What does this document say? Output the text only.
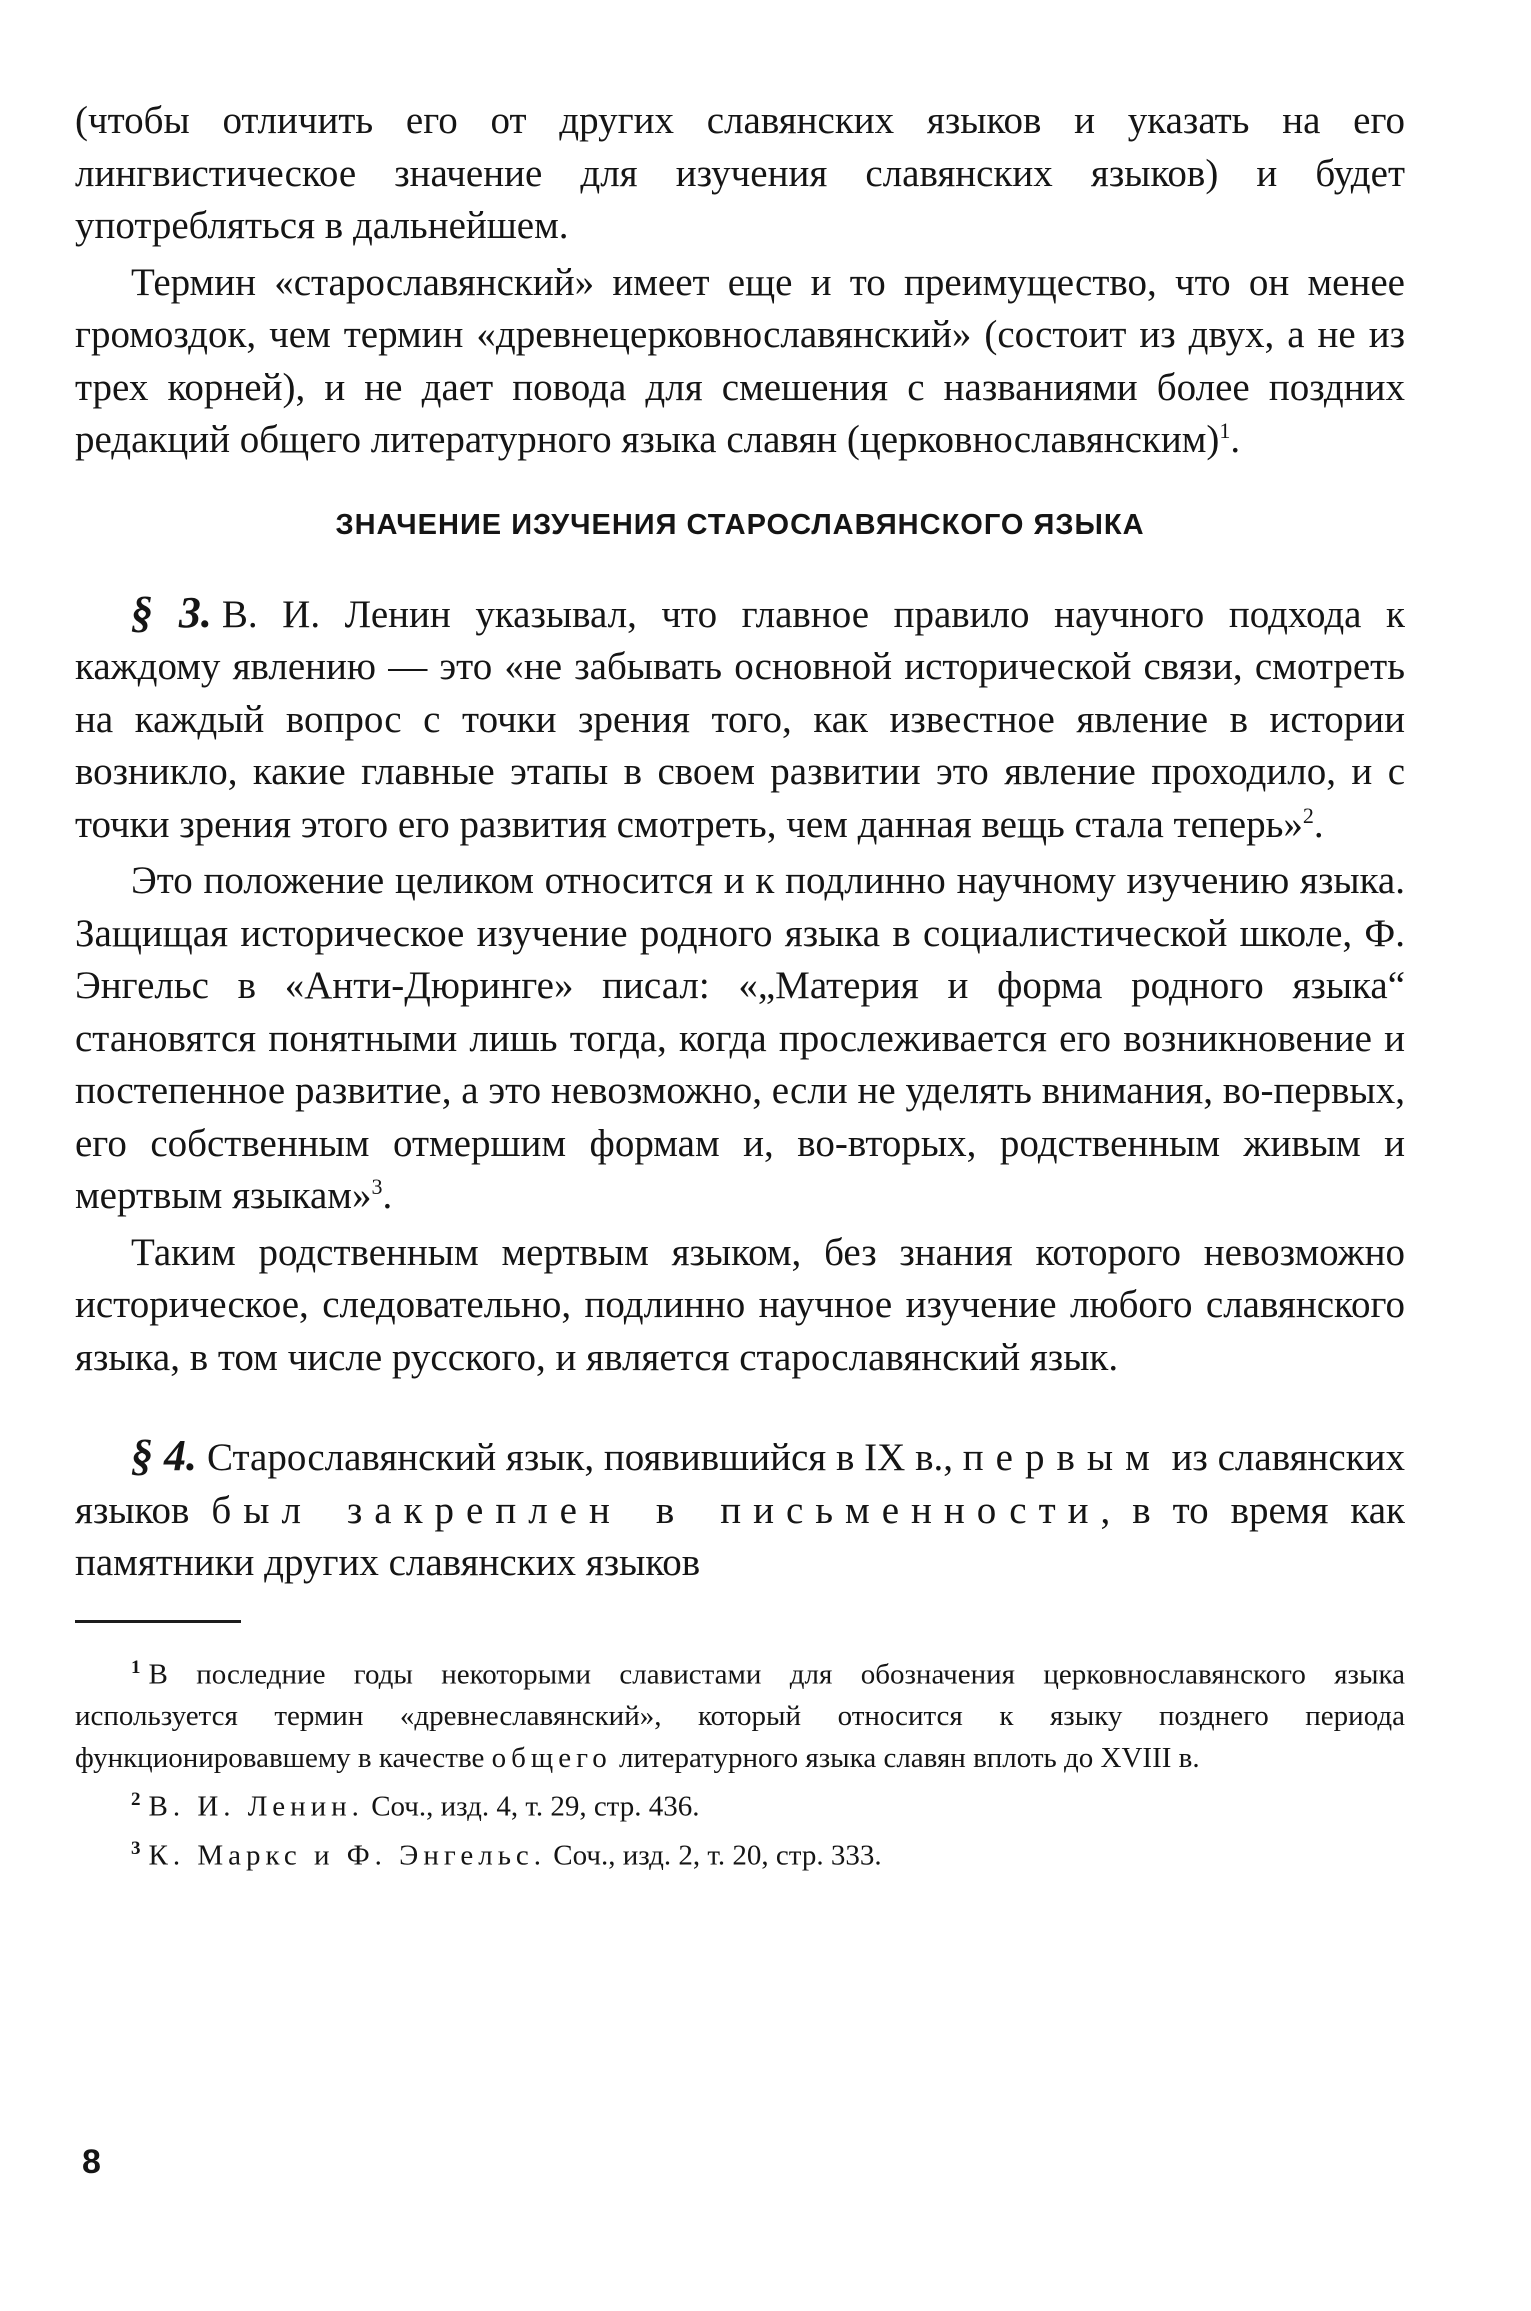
(чтобы отличить его от других славянских языков и указать на его лингвистическое значение для изучения славянских языков) и будет употребляться в дальнейшем.

Термин «старославянский» имеет еще и то преимущество, что он менее громоздок, чем термин «древнецерковнославянский» (состоит из двух, а не из трех корней), и не дает повода для смешения с названиями более поздних редакций общего литературного языка славян (церковнославянским)$^1$.

ЗНАЧЕНИЕ ИЗУЧЕНИЯ СТАРОСЛАВЯНСКОГО ЯЗЫКА

§ 3. В. И. Ленин указывал, что главное правило научного подхода к каждому явлению — это «не забывать основной исторической связи, смотреть на каждый вопрос с точки зрения того, как известное явление в истории возникло, какие главные этапы в своем развитии это явление проходило, и с точки зрения этого его развития смотреть, чем данная вещь стала теперь»$^2$.

Это положение целиком относится и к подлинно научному изучению языка. Защищая историческое изучение родного языка в социалистической школе, Ф. Энгельс в «Анти-Дюринге» писал: «„Материя и форма родного языка“ становятся понятными лишь тогда, когда прослеживается его возникновение и постепенное развитие, а это невозможно, если не уделять внимания, во-первых, его собственным отмершим формам и, во-вторых, родственным живым и мертвым языкам»$^3$.

Таким родственным мертвым языком, без знания которого невозможно историческое, следовательно, подлинно научное изучение любого славянского языка, в том числе русского, и является старославянский язык.

§ 4. Старославянский язык, появившийся в IX в., первым из славянских языков был закреплен в письменности, в то время как памятники других славянских языков

$^1$ В последние годы некоторыми славистами для обозначения церковнославянского языка используется термин «древнеславянский», который относится к языку позднего периода функционировавшему в качестве общего литературного языка славян вплоть до XVIII в.

$^2$ В. И. Ленин. Соч., изд. 4, т. 29, стр. 436.

$^3$ К. Маркс и Ф. Энгельс. Соч., изд. 2, т. 20, стр. 333.

8
